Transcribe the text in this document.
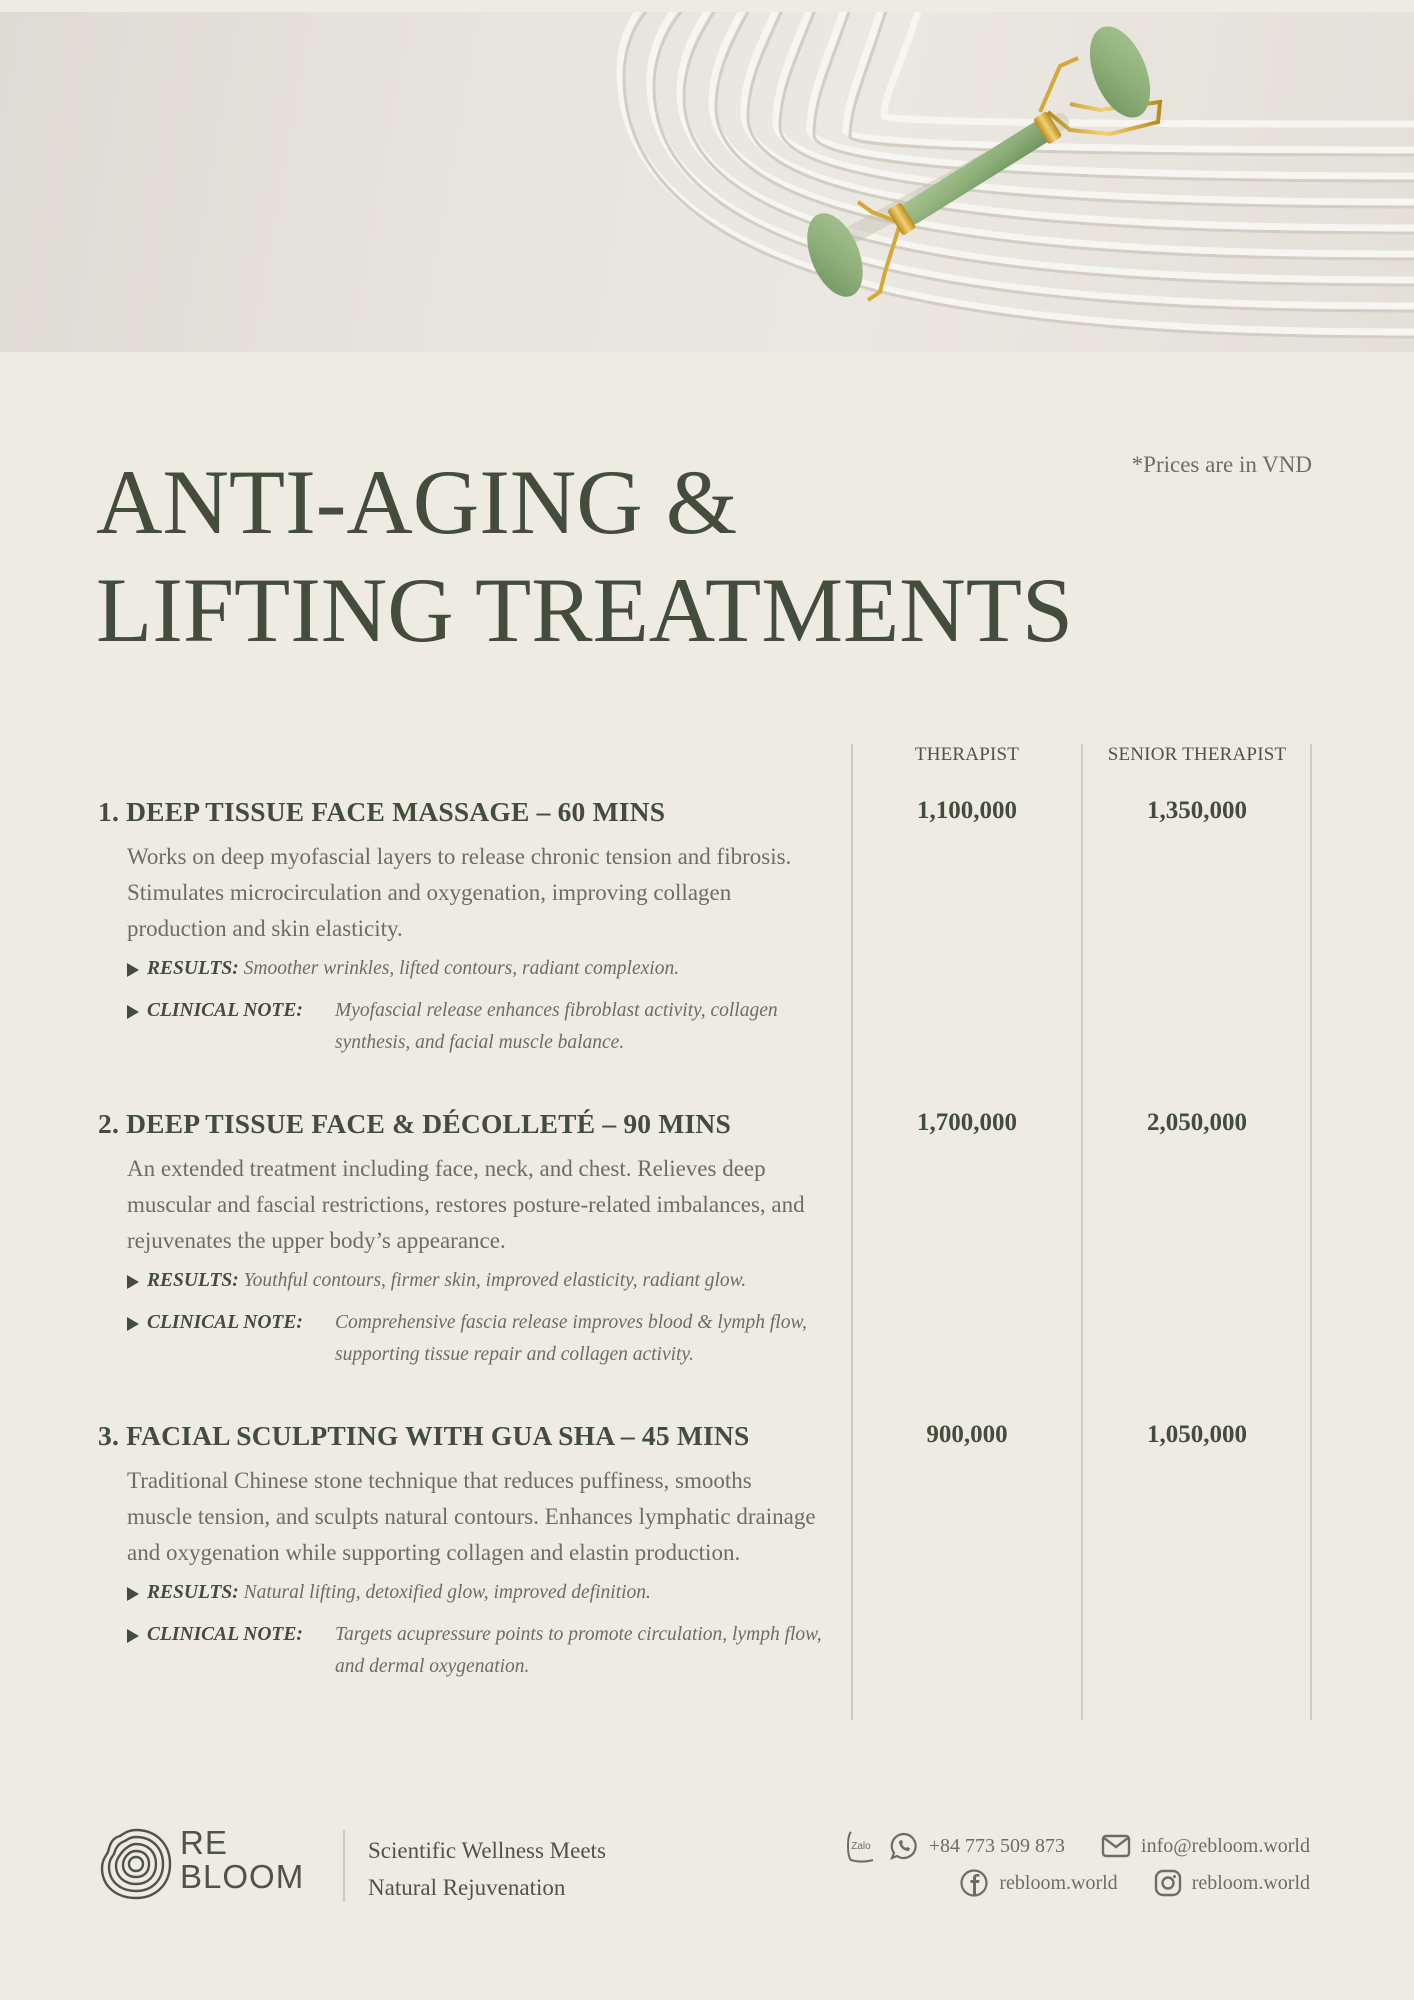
ANTI-AGING &
LIFTING TREATMENTS
*Prices are in VND
THERAPIST	SENIOR THERAPIST
1. DEEP TISSUE FACE MASSAGE – 60 MINS

Works on deep myofascial layers to release chronic tension and fibrosis. Stimulates microcirculation and oxygenation, improving collagen production and skin elasticity.

RESULTS: Smoother wrinkles, lifted contours, radiant complexion.
CLINICAL NOTE:	Myofascial release enhances fibroblast activity, collagen synthesis, and facial muscle balance.
1,100,000	1,350,000
2. DEEP TISSUE FACE & DÉCOLLETÉ – 90 MINS

An extended treatment including face, neck, and chest. Relieves deep muscular and fascial restrictions, restores posture-related imbalances, and rejuvenates the upper body’s appearance.

RESULTS: Youthful contours, firmer skin, improved elasticity, radiant glow.
CLINICAL NOTE:	Comprehensive fascia release improves blood & lymph flow, supporting tissue repair and collagen activity.
1,700,000	2,050,000
3. FACIAL SCULPTING WITH GUA SHA – 45 MINS

Traditional Chinese stone technique that reduces puffiness, smooths muscle tension, and sculpts natural contours. Enhances lymphatic drainage and oxygenation while supporting collagen and elastin production.

RESULTS: Natural lifting, detoxified glow, improved definition.
CLINICAL NOTE:	Targets acupressure points to promote circulation, lymph flow, and dermal oxygenation.
900,000	1,050,000
RE
BLOOM
Scientific Wellness Meets
Natural Rejuvenation
Zalo	+84 773 509 873	info@rebloom.world
rebloom.world	rebloom.world
